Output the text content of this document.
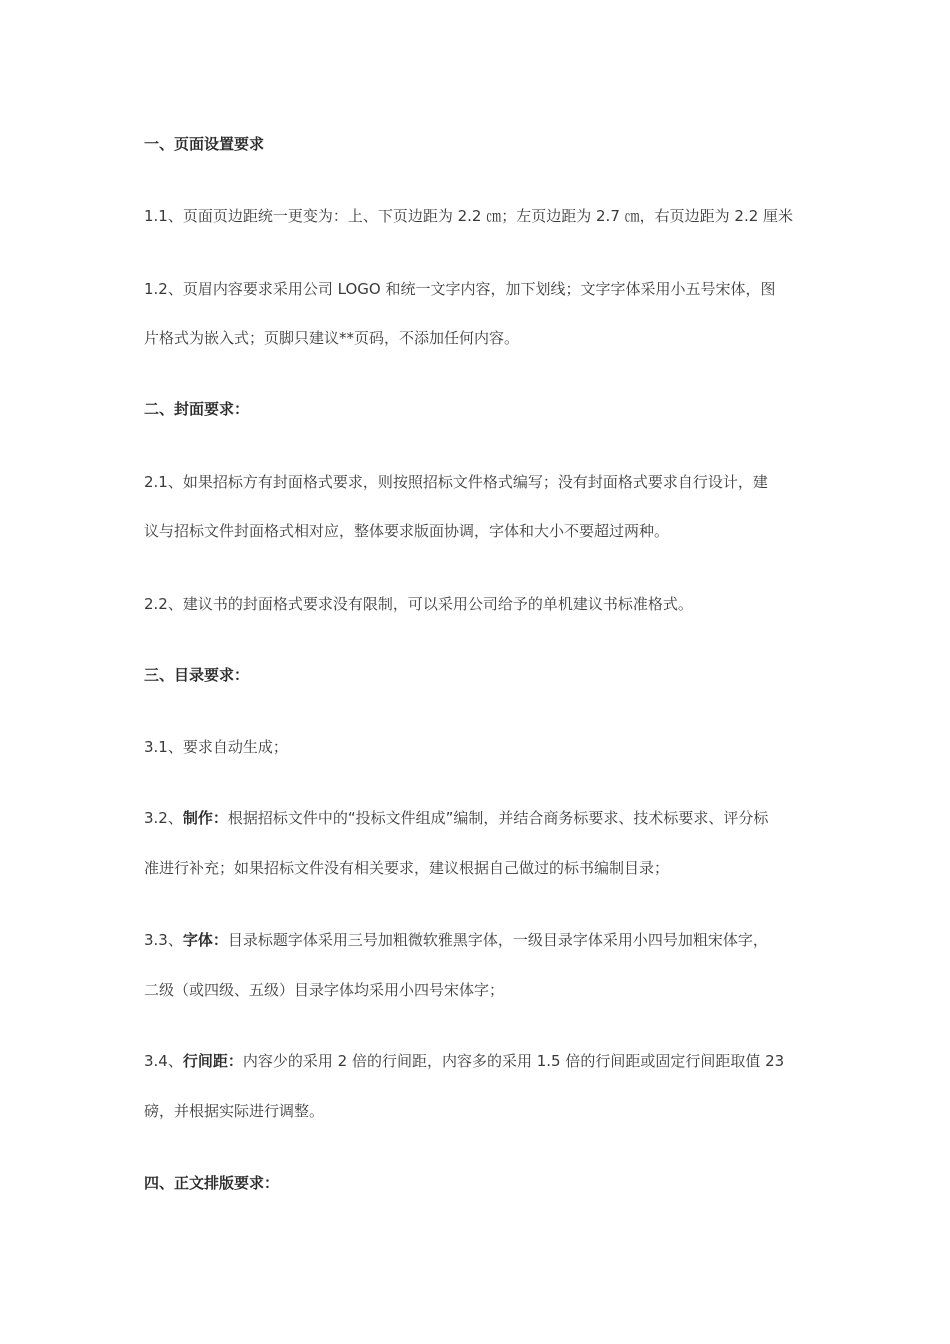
一、页面设置要求
1.1、页面页边距统一更变为：上、下页边距为 2.2 ㎝；左页边距为 2.7 ㎝，右页边距为 2.2 厘米
1.2、页眉内容要求采用公司 LOGO 和统一文字内容，加下划线；文字字体采用小五号宋体，图
片格式为嵌入式；页脚只建议**页码，不添加任何内容。
二、封面要求：
2.1、如果招标方有封面格式要求，则按照招标文件格式编写；没有封面格式要求自行设计，建
议与招标文件封面格式相对应，整体要求版面协调，字体和大小不要超过两种。
2.2、建议书的封面格式要求没有限制，可以采用公司给予的单机建议书标准格式。
三、目录要求：
3.1、要求自动生成；
3.2、制作：根据招标文件中的“投标文件组成”编制，并结合商务标要求、技术标要求、评分标
准进行补充；如果招标文件没有相关要求，建议根据自己做过的标书编制目录；
3.3、字体：目录标题字体采用三号加粗微软雅黑字体，一级目录字体采用小四号加粗宋体字，
二级（或四级、五级）目录字体均采用小四号宋体字；
3.4、行间距：内容少的采用 2 倍的行间距，内容多的采用 1.5 倍的行间距或固定行间距取值 23
磅，并根据实际进行调整。
四、正文排版要求：
